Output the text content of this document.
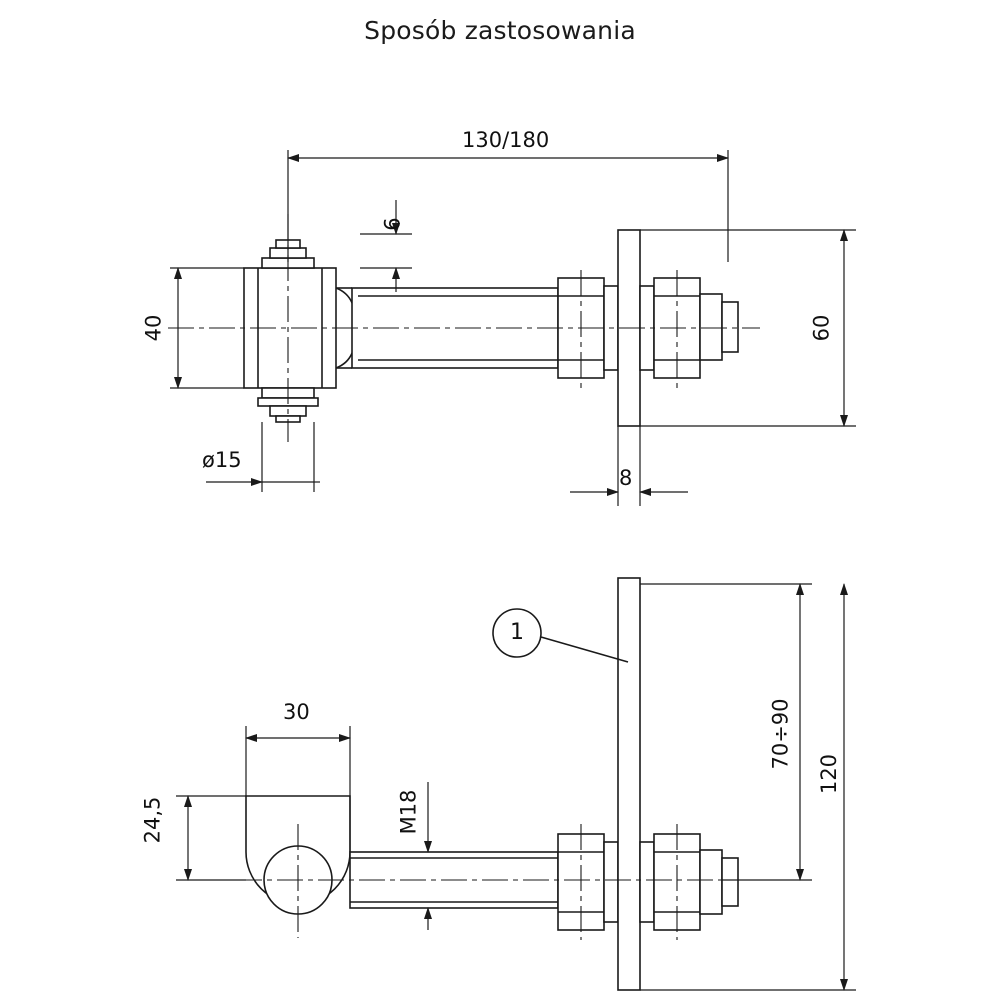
Sposób zastosowania
130/180
6
40	60
ø15
8
30
24,5	M18
70÷90
120
1
